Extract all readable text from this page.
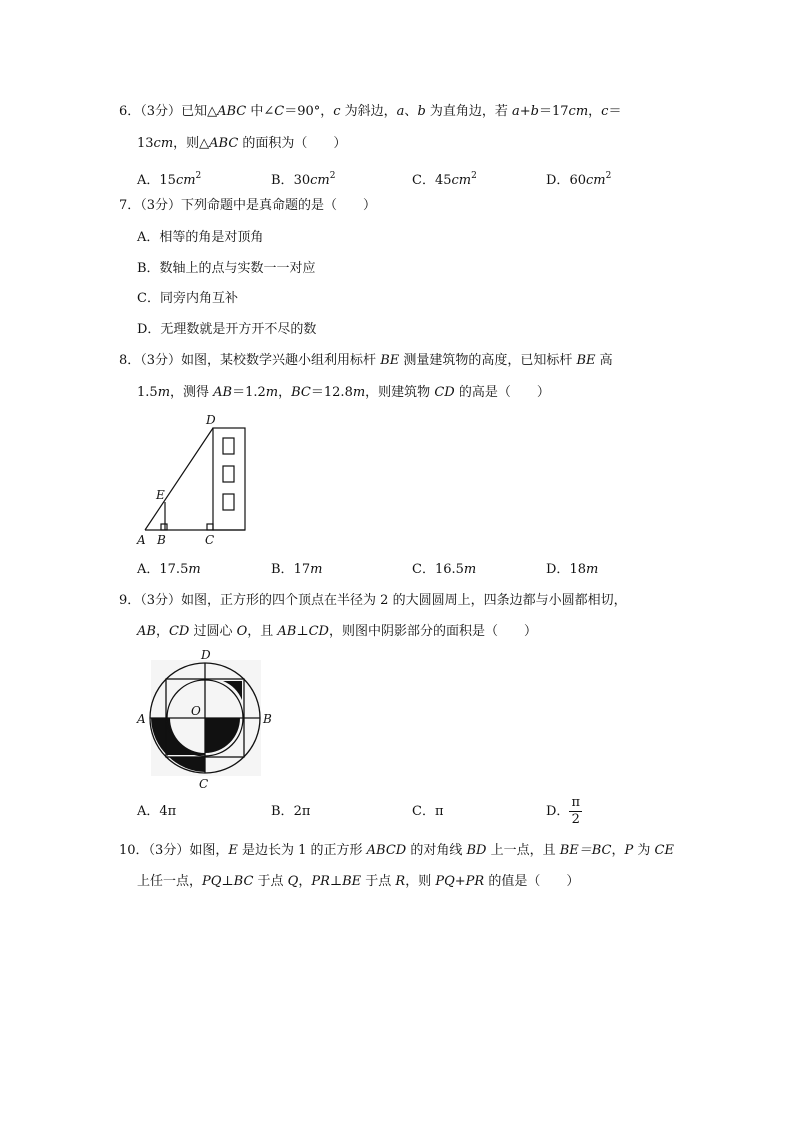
6．（3分）已知△ABC 中∠C＝90°，c 为斜边，a、b 为直角边，若 a+b＝17cm，c＝
13cm，则△ABC 的面积为（　　）
A．$15cm^2$	B．$30cm^2$	C．$45cm^2$	D．$60cm^2$
7．（3分）下列命题中是真命题的是（　　）
A．相等的角是对顶角
B．数轴上的点与实数一一对应
C．同旁内角互补
D．无理数就是开方开不尽的数
8．（3分）如图，某校数学兴趣小组利用标杆 BE 测量建筑物的高度，已知标杆 BE 高
1.5m，测得 AB＝1.2m，BC＝12.8m，则建筑物 CD 的高是（　　）
D
E
A B	C
A．17.5m	B．17m	C．16.5m	D．18m
9．（3分）如图，正方形的四个顶点在半径为 2 的大圆圆周上，四条边都与小圆都相切，
AB，CD 过圆心 O，且 AB⊥CD，则图中阴影部分的面积是（　　）
D
O
A	B
C
A．4π	B．2π	C．π	D． $\frac{\pi}{2}$
10．（3分）如图，E 是边长为 1 的正方形 ABCD 的对角线 BD 上一点，且 BE＝BC，P 为 CE
上任一点，PQ⊥BC 于点 Q，PR⊥BE 于点 R，则 PQ+PR 的值是（　　）
